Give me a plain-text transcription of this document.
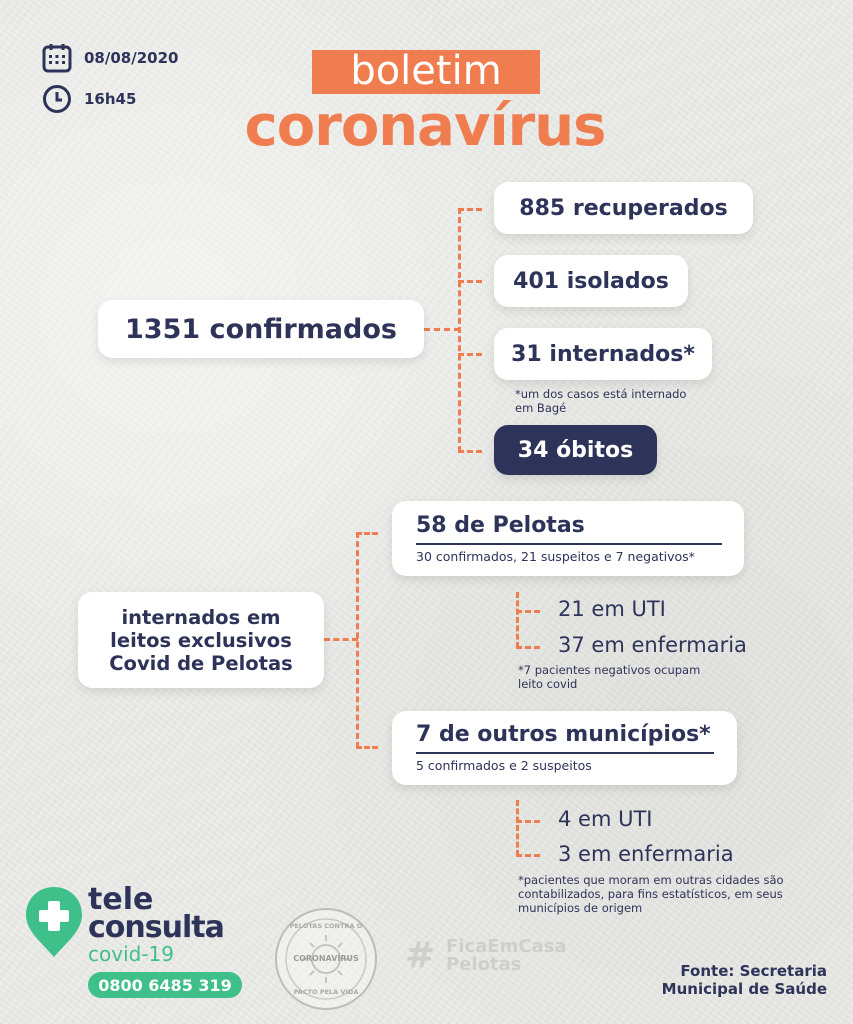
08/08/2020
16h45
boletim
coronavírus
1351 confirmados
885 recuperados
401 isolados
31 internados*
*um dos casos está internado em Bagé
34 óbitos
internados em leitos exclusivos Covid de Pelotas
58 de Pelotas
30 confirmados, 21 suspeitos e 7 negativos*
21 em UTI
37 em enfermaria
*7 pacientes negativos ocupam leito covid
7 de outros municípios*
5 confirmados e 2 suspeitos
4 em UTI
3 em enfermaria
*pacientes que moram em outras cidades são contabilizados, para fins estatísticos, em seus municípios de origem
tele
consulta
covid-19
0800 6485 319
PELOTAS CONTRA O
CORONAVÍRUS
PACTO PELA VIDA
# FicaEmCasa
Pelotas	Fonte: Secretaria
Municipal de Saúde
